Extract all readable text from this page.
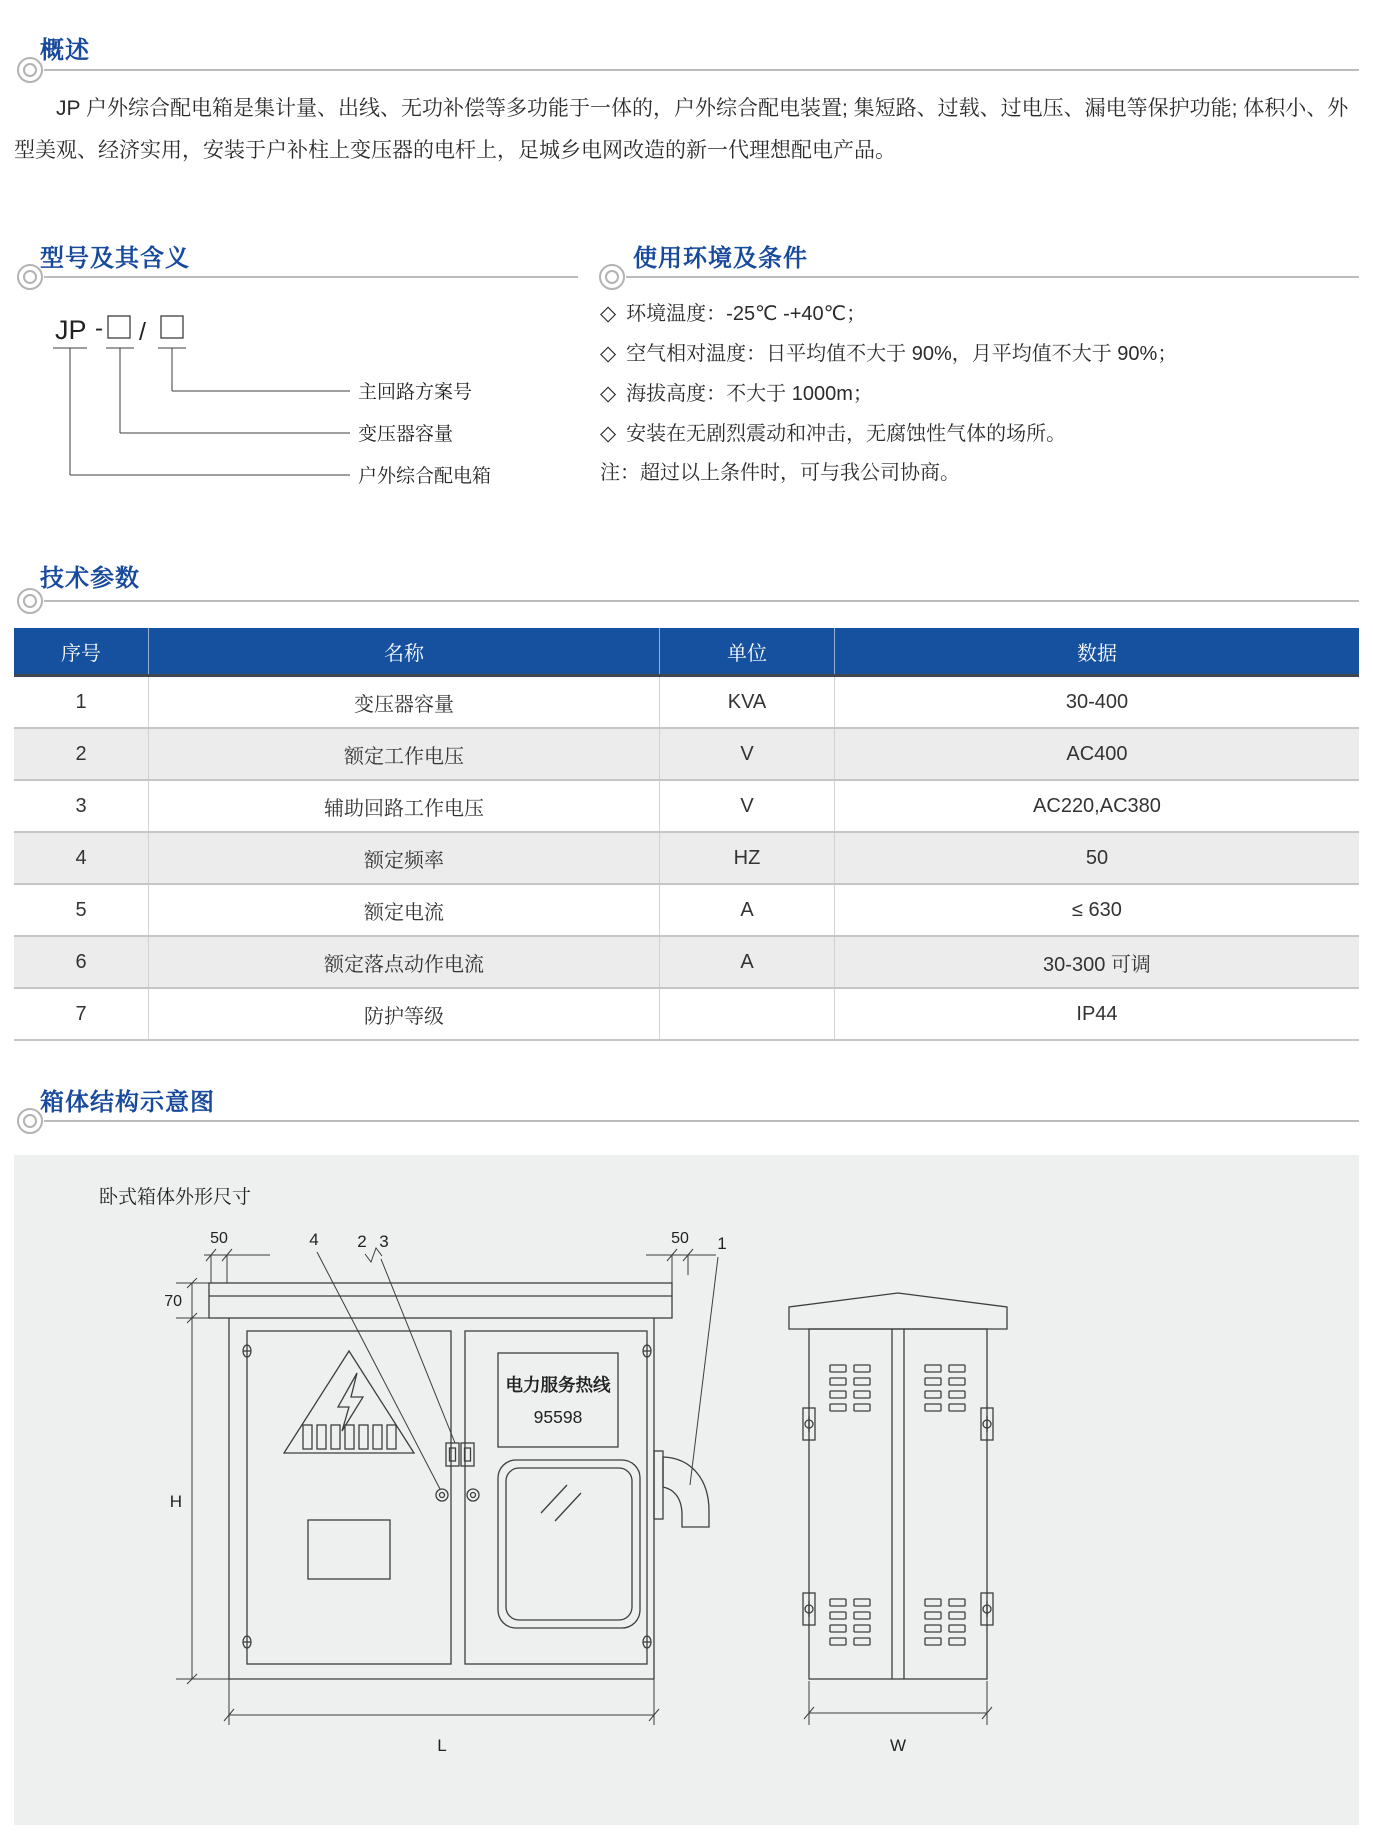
概述
JP 户外综合配电箱是集计量、出线、无功补偿等多功能于一体的，户外综合配电装置; 集短路、过载、过电压、漏电等保护功能; 体积小、外型美观、经济实用，安装于户补柱上变压器的电杆上，足城乡电网改造的新一代理想配电产品。
型号及其含义
JP - /
主回路方案号
变压器容量
户外综合配电箱
使用环境及条件
◇ 环境温度：-25℃ -+40℃；
◇ 空气相对温度：日平均值不大于 90%，月平均值不大于 90%；
◇ 海拔高度：不大于 1000m；
◇ 安装在无剧烈震动和冲击，无腐蚀性气体的场所。
注：超过以上条件时，可与我公司协商。
技术参数
序号	名称	单位	数据
1	变压器容量	KVA	30-400
2	额定工作电压	V	AC400
3	辅助回路工作电压	V	AC220,AC380
4	额定频率	HZ	50
5	额定电流	A	≤ 630
6	额定落点动作电流	A	30-300 可调
7	防护等级		IP44
箱体结构示意图
卧式箱体外形尺寸
电力服务热线
95598
50	50
70
H
L
4 2 3	1
W
